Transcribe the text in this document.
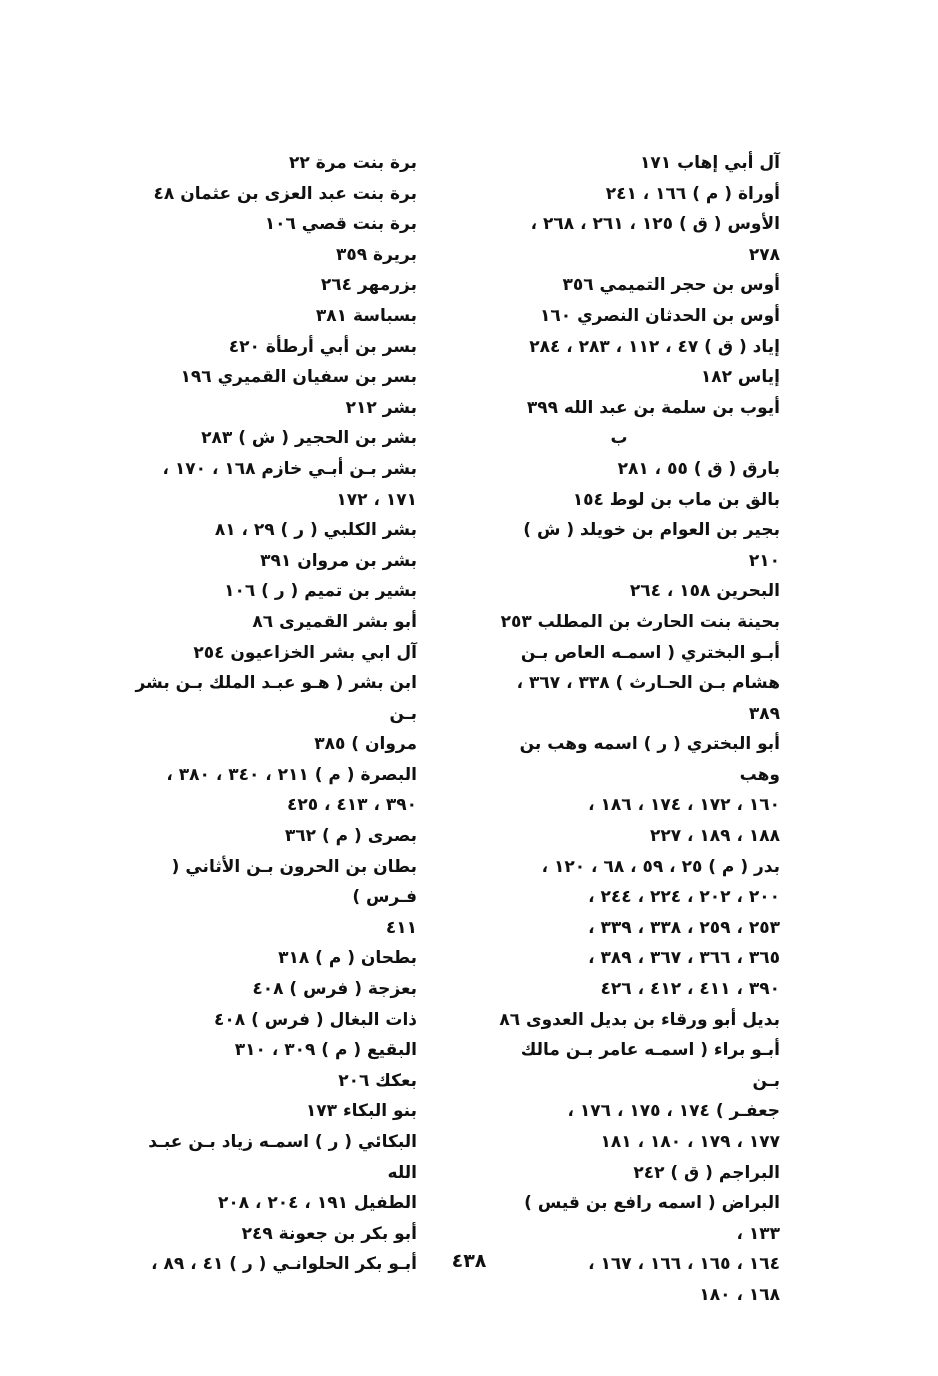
آل أبي إهاب ١٧١
أوراة ( م ) ١٦٦ ، ٢٤١
الأوس ( ق ) ١٢٥ ، ٢٦١ ، ٢٦٨ ،
٢٧٨
أوس بن حجر التميمي ٣٥٦
أوس بن الحدثان النصري ١٦٠
إياد ( ق ) ٤٧ ، ١١٢ ، ٢٨٣ ، ٢٨٤
إياس ١٨٢
أيوب بن سلمة بن عبد الله ٣٩٩
ب
بارق ( ق ) ٥٥ ، ٢٨١
بالق بن ماب بن لوط ١٥٤
بجير بن العوام بن خويلد ( ش ) ٢١٠
البحرين ١٥٨ ، ٢٦٤
بحينة بنت الحارث بن المطلب ٢٥٣
أبـو البختري ( اسمـه العاص بـن
هشام بـن الحـارث ) ٣٣٨ ، ٣٦٧ ،
٣٨٩
أبو البختري ( ر ) اسمه وهب بن وهب
١٦٠ ، ١٧٢ ، ١٧٤ ، ١٨٦ ،
١٨٨ ، ١٨٩ ، ٢٢٧
بدر ( م ) ٢٥ ، ٥٩ ، ٦٨ ، ١٢٠ ،
٢٠٠ ، ٢٠٢ ، ٢٢٤ ، ٢٤٤ ،
٢٥٣ ، ٢٥٩ ، ٣٣٨ ، ٣٣٩ ،
٣٦٥ ، ٣٦٦ ، ٣٦٧ ، ٣٨٩ ،
٣٩٠ ، ٤١١ ، ٤١٢ ، ٤٢٦
بديل أبو ورقاء بن بديل العدوى ٨٦
أبـو براء ( اسمـه عامر بـن مالك بـن
جعفـر ) ١٧٤ ، ١٧٥ ، ١٧٦ ،
١٧٧ ، ١٧٩ ، ١٨٠ ، ١٨١
البراجم ( ق ) ٢٤٢
البراض ( اسمه رافع بن قيس ) ١٣٣ ،
١٦٤ ، ١٦٥ ، ١٦٦ ، ١٦٧ ،
١٦٨ ، ١٨٠
برة بنت مرة ٢٢
برة بنت عبد العزى بن عثمان ٤٨
برة بنت قصي ١٠٦
بريرة ٣٥٩
بزرمهر ٢٦٤
بسباسة ٣٨١
بسر بن أبي أرطأة ٤٢٠
بسر بن سفيان القميري ١٩٦
بشر ٢١٢
بشر بن الحجير ( ش ) ٢٨٣
بشر بـن أبـي خازم ١٦٨ ، ١٧٠ ،
١٧١ ، ١٧٢
بشر الكلبي ( ر ) ٢٩ ، ٨١
بشر بن مروان ٣٩١
بشير بن تميم ( ر ) ١٠٦
أبو بشر القميرى ٨٦
آل ابي بشر الخزاعيون ٢٥٤
ابن بشر ( هـو عبـد الملك بـن بشر بـن
مروان ) ٣٨٥
البصرة ( م ) ٢١١ ، ٣٤٠ ، ٣٨٠ ،
٣٩٠ ، ٤١٣ ، ٤٢٥
بصرى ( م ) ٣٦٢
بطان بن الحرون بـن الأثاني ( فـرس )
٤١١
بطحان ( م ) ٣١٨
بعزجة ( فرس ) ٤٠٨
ذات البغال ( فرس ) ٤٠٨
البقيع ( م ) ٣٠٩ ، ٣١٠
بعكك ٢٠٦
بنو البكاء ١٧٣
البكائي ( ر ) اسمـه زياد بـن عبـد الله
الطفيل ١٩١ ، ٢٠٤ ، ٢٠٨
أبو بكر بن جعونة ٢٤٩
أبـو بكر الحلوانـي ( ر ) ٤١ ، ٨٩ ،	٤٣٨
